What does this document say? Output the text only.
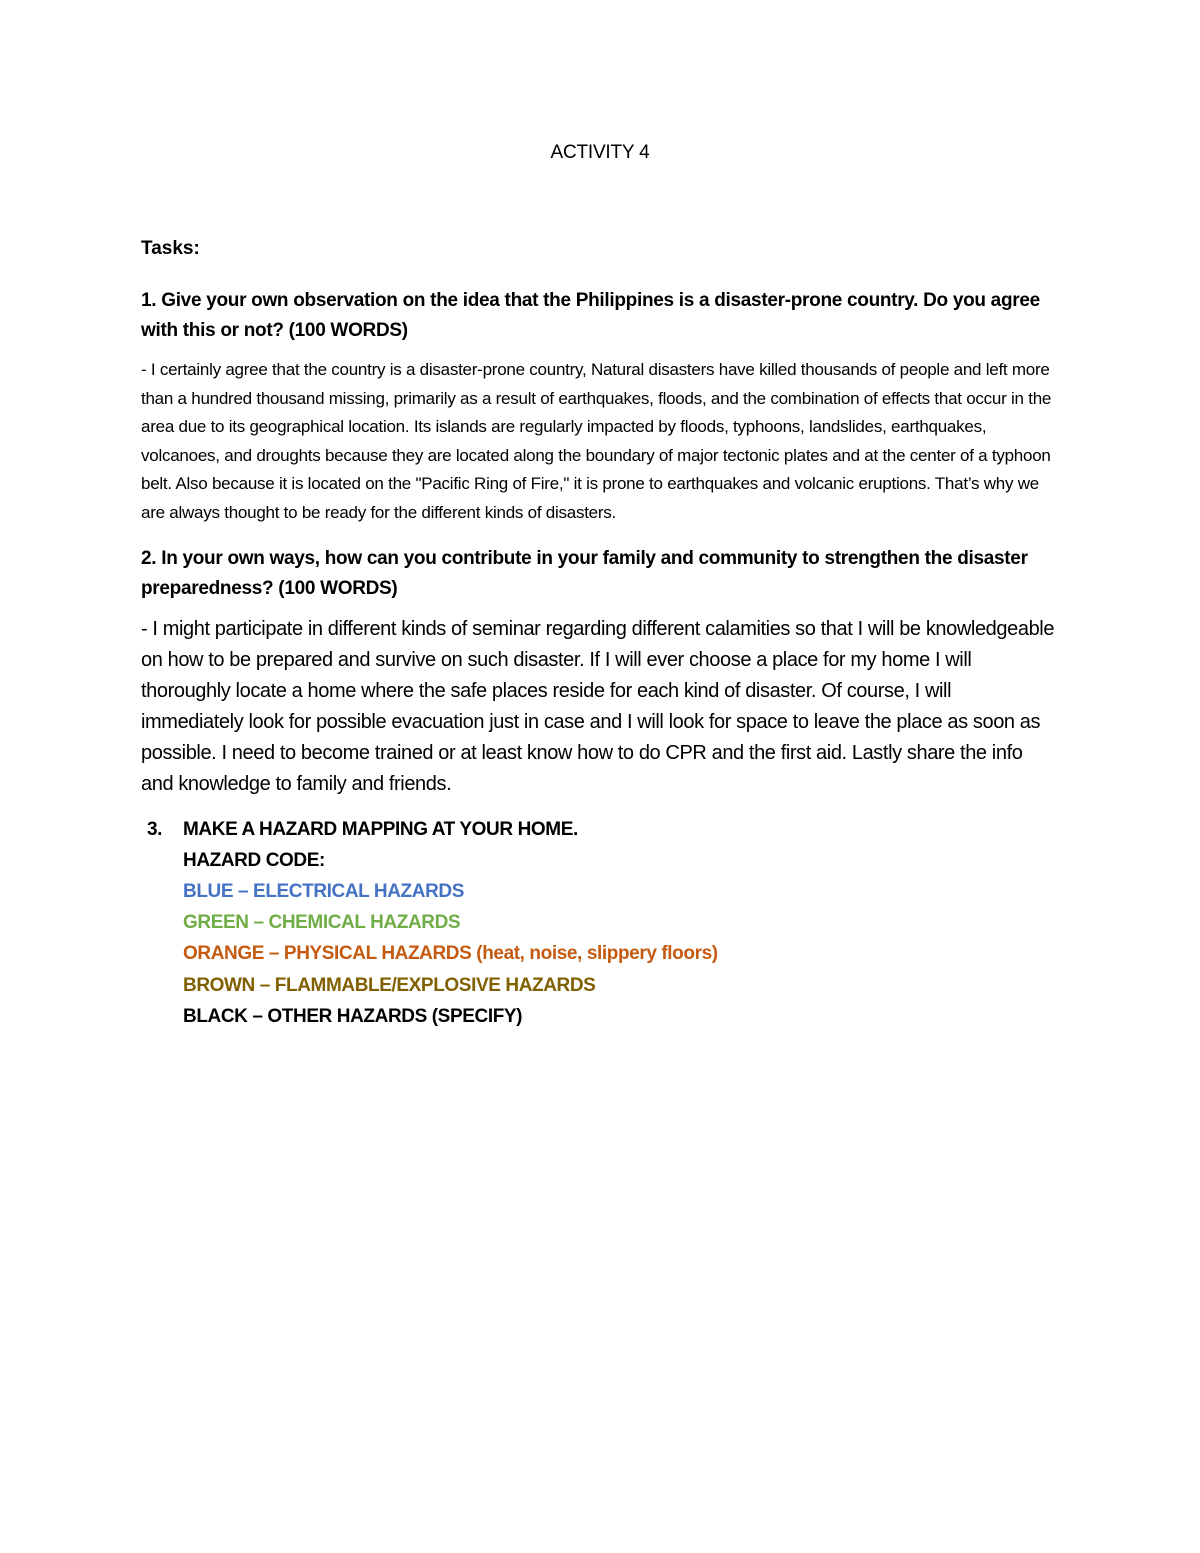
ACTIVITY 4
Tasks:
1. Give your own observation on the idea that the Philippines is a disaster-prone country. Do you agree with this or not? (100 WORDS)
- I certainly agree that the country is a disaster-prone country, Natural disasters have killed thousands of people and left more than a hundred thousand missing, primarily as a result of earthquakes, floods, and the combination of effects that occur in the area due to its geographical location. Its islands are regularly impacted by floods, typhoons, landslides, earthquakes, volcanoes, and droughts because they are located along the boundary of major tectonic plates and at the center of a typhoon belt. Also because it is located on the "Pacific Ring of Fire," it is prone to earthquakes and volcanic eruptions. That’s why we are always thought to be ready for the different kinds of disasters.
2. In your own ways, how can you contribute in your family and community to strengthen the disaster preparedness? (100 WORDS)
- I might participate in different kinds of seminar regarding different calamities so that I will be knowledgeable on how to be prepared and survive on such disaster. If I will ever choose a place for my home I will thoroughly locate a home where the safe places reside for each kind of disaster. Of course, I will immediately look for possible evacuation just in case and I will look for space to leave the place as soon as possible. I need to become trained or at least know how to do CPR and the first aid. Lastly share the info and knowledge to family and friends.
3. MAKE A HAZARD MAPPING AT YOUR HOME.
HAZARD CODE:
BLUE – ELECTRICAL HAZARDS
GREEN – CHEMICAL HAZARDS
ORANGE – PHYSICAL HAZARDS (heat, noise, slippery floors)
BROWN – FLAMMABLE/EXPLOSIVE HAZARDS
BLACK – OTHER HAZARDS (SPECIFY)
